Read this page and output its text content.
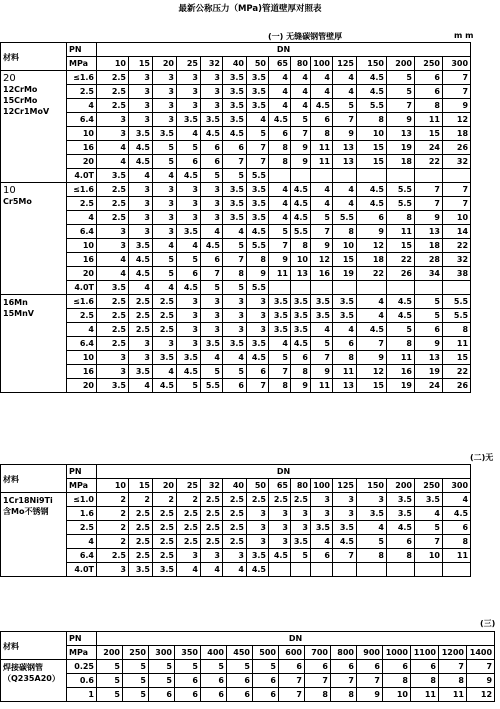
最新公称压力（MPa)管道壁厚对照表
(一) 无缝碳钢管壁厚	m m
材料	PN	DN														
	MPa	10	15	20	25	32	40	50	65	80	100	125	150	200	250	300

20
12CrMo
15CrMo
12Cr1MoV	≤1.6	2.5	3	3	3	3	3.5	3.5	4	4	4	4	4.5	5	6	7
	2.5	2.5	3	3	3	3	3.5	3.5	4	4	4	4	4.5	5	6	7
	4	2.5	3	3	3	3	3.5	3.5	4	4	4.5	5	5.5	7	8	9
	6.4	3	3	3	3.5	3.5	3.5	4	4.5	5	6	7	8	9	11	12
	10	3	3.5	3.5	4	4.5	4.5	5	6	7	8	9	10	13	15	18
	16	4	4.5	5	5	6	6	7	8	9	11	13	15	19	24	26
	20	4	4.5	5	6	6	7	7	8	9	11	13	15	18	22	32
	4.0T	3.5	4	4	4.5	5	5	5.5								

10
Cr5Mo	≤1.6	2.5	3	3	3	3	3.5	3.5	4	4.5	4	4	4.5	5.5	7	7
	2.5	2.5	3	3	3	3	3.5	3.5	4	4.5	4	4	4.5	5.5	7	7
	4	2.5	3	3	3	3	3.5	3.5	4	4.5	5	5.5	6	8	9	10
	6.4	3	3	3	3.5	4	4	4.5	5	5.5	7	8	9	11	13	14
	10	3	3.5	4	4	4.5	5	5.5	7	8	9	10	12	15	18	22
	16	4	4.5	5	5	6	7	8	9	10	12	15	18	22	28	32
	20	4	4.5	5	6	7	8	9	11	13	16	19	22	26	34	38
	4.0T	3.5	4	4	4.5	5	5	5.5								

16Mn
15MnV	≤1.6	2.5	2.5	2.5	3	3	3	3	3.5	3.5	3.5	3.5	4	4.5	5	5.5
	2.5	2.5	2.5	2.5	3	3	3	3	3.5	3.5	3.5	3.5	4	4.5	5	5.5
	4	2.5	2.5	2.5	3	3	3	3	3.5	3.5	4	4	4.5	5	6	8
	6.4	2.5	3	3	3	3.5	3.5	3.5	4	4.5	5	6	7	8	9	11
	10	3	3	3.5	3.5	4	4	4.5	5	6	7	8	9	11	13	15
	16	3	3.5	4	4.5	5	5	6	7	8	9	11	12	16	19	22
	20	3.5	4	4.5	5	5.5	6	7	8	9	11	13	15	19	24	26
(二)无
材料	PN	DN														
	MPa	10	15	20	25	32	40	50	65	80	100	125	150	200	250	300

1Cr18Ni9Ti
含Mo不锈钢	≤1.0	2	2	2	2	2.5	2.5	2.5	2.5	2.5	3	3	3	3.5	3.5	4
	1.6	2	2.5	2.5	2.5	2.5	2.5	3	3	3	3	3	3.5	3.5	4	4.5
	2.5	2	2.5	2.5	2.5	2.5	2.5	3	3	3	3.5	3.5	4	4.5	5	6
	4	2	2.5	2.5	2.5	2.5	2.5	3	3	3.5	4	4.5	5	6	7	8
	6.4	2.5	2.5	2.5	3	3	3	3.5	4.5	5	6	7	8	8	10	11
	4.0T	3	3.5	3.5	4	4	4	4.5								
(三)
材料	PN	DN														
	MPa	200	250	300	350	400	450	500	600	700	800	900	1000	1100	1200	1400

焊接碳钢管
（Q235A20）	0.25	5	5	5	5	5	5	5	6	6	6	6	6	6	7	7
	0.6	5	5	5	6	6	6	6	7	7	7	7	8	8	8	9
	1	5	5	6	6	6	6	6	7	8	8	9	10	11	11	12
